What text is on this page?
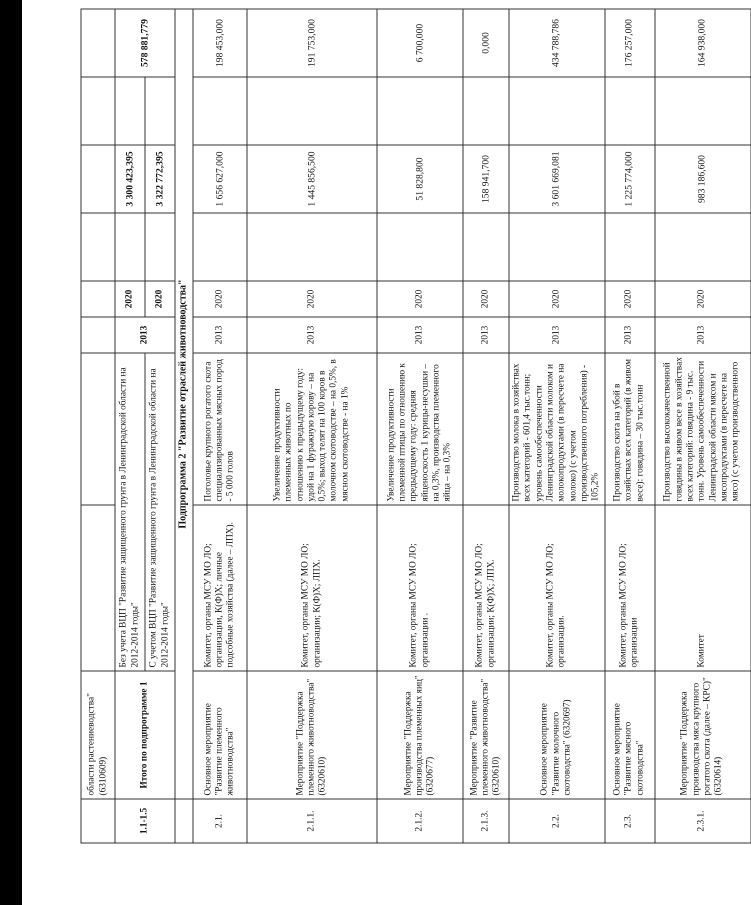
	области растениеводства" (6310609)								
1.1-1.5	Итого по подпрограмме 1	Без учета ВЦП "Развитие защищенного грунта в Ленинградской области на 2012-2014 годы"		2013	2020		3 300 423,395		578 881,779
		С учетом ВЦП "Развитие защищенного грунта в Ленинградской области на 2012-2014 годы"			2020		3 322 772,395		
	Подпрограмма 2 "Развитие отраслей животноводства"								
2.1.	Основное мероприятие "Развитие племенного животноводства"	Комитет, органы МСУ МО ЛО; организации, К(Ф)Х; личные подсобные хозяйства (далее – ЛПХ).	Поголовье крупного рогатого скота специализированных мясных пород - 5 000 голов	2013	2020		1 656 627,000		198 453,000
2.1.1.	Мероприятие "Поддержка племенного животноводства" (6320610)	Комитет, органы МСУ МО ЛО; организации; К(Ф)Х; ЛПХ.	Увеличение продуктивности племенных животных по отношению к предыдущему году: удой на 1 фуражную корову – на 0,5%; выход телят на 100 коров в молочном скотоводстве – на 0,5%, в мясном скотоводстве - на 1%	2013	2020		1 445 856,500		191 753,000
2.1.2.	Мероприятие "Поддержка производства племенных яиц" (6320677)	Комитет, органы МСУ МО ЛО; организации .	Увеличение продуктивности племенной птицы по отношению к предыдущему году: средняя яйценоскость 1 курицы-несушки – на 0,3%, производства племенного яйца – на 0,3%	2013	2020		51 828,800		6 700,000
2.1.3.	Мероприятие "Развитие племенного животноводства" (6320610)	Комитет, органы МСУ МО ЛО; организации; К(Ф)Х; ЛПХ.		2013	2020		158 941,700		0,000
2.2.	Основное мероприятие "Развитие молочного скотоводства" (6320697)	Комитет, органы МСУ МО ЛО; организации.	Производство молока в хозяйствах всех категорий - 601,4 тыс.тонн; уровень самообеспеченности Ленинградской области молоком и молокопродуктами (в пересчете на молоко) (с учетом производственного потребления) - 105,2%	2013	2020		3 601 669,081		434 788,786
2.3.	Основное мероприятие "Развитие мясного скотоводства"	Комитет, органы МСУ МО ЛО; организации	Производство скота на убой в хозяйствах всех категорий (в живом весе): говядина – 30 тыс.тонн	2013	2020		1 225 774,000		176 257,000
2.3.1.	Мероприятие "Поддержка производства мяса крупного рогатого скота (далее – КРС)" (6320614)	Комитет	Производство высококачественной говядины в живом весе в хозяйствах всех категорий: говядина - 9 тыс. тонн. Уровень самообеспеченности Ленинградской области мясом и мясопродуктами (в пересчете на мясо) (с учетом производственного	2013	2020		983 186,600		164 938,000
